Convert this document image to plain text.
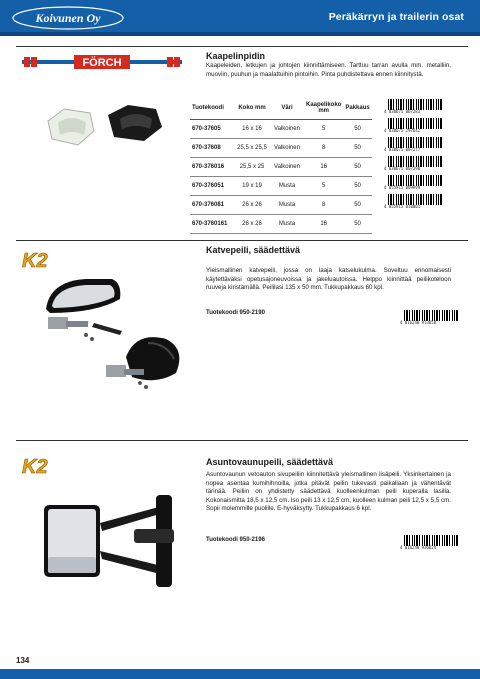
Koivunen Oy	Peräkärryn ja trailerin osat
FÖRCH
Kaapelinpidin
Kaapeleiden, letkujen ja johtojen kiinnittämiseen. Tarttuu tarran avulla mm. metalliin, muoviin, puuhun ja maalattuihin pintoihin. Pinta puhdistettava ennen kiinnitystä.
Tuotekoodi	Koko mm	Väri	Kaapelikoko mm	Pakkaus
670-37605	16 x 16	Valkoinen	5	50
670-37608	25,5 x 25,5	Valkoinen	8	50
670-376016	25,5 x 25	Valkoinen	16	50
670-376051	19 x 19	Musta	5	50
670-376081	26 x 26	Musta	8	50
670-3760161	26 x 26	Musta	16	50
4 038675 007283
4 038675 297642
4 038675 007277
4 038675 007290
4 055915 009999
4 055915 010001
K2	Katvepeili, säädettävä
Yleismallinen katvepeili, jossa on laaja katselukulma. Soveltuu erinomaisesti käytettäväksi opetusajoneuvoissa ja jakeluautoissa. Helppo kiinnittää peilikoteloon ruuveja kiristämällä. Peililasi 135 x 50 mm. Tukkupakkaus 60 kpl.
Tuotekoodi 950-2190
4 016240 913658
K2	Asuntovaunupeili, säädettävä
Asuntovaunun vetoauton sivupeiliin kiinnitettävä yleismallinen lisäpeili. Yksinkertainen ja nopea asentaa kumihihnoilla, jotka pitävät peilin tukevasti paikallaan ja vähentävät tärinää. Peiliin on yhdistetty säädettävä kuolleenkulman peili kuperalla lasilla. Kokonaismitta 18,5 x 12,5 cm. Iso peili 13 x 12,5 cm, kuolleen kulman peili 12,5 x 5,5 cm. Sopii molemmille puolille. E-hyväksytty. Tukkupakkaus 6 kpl.
Tuotekoodi 950-2196
4 016240 936824
134
